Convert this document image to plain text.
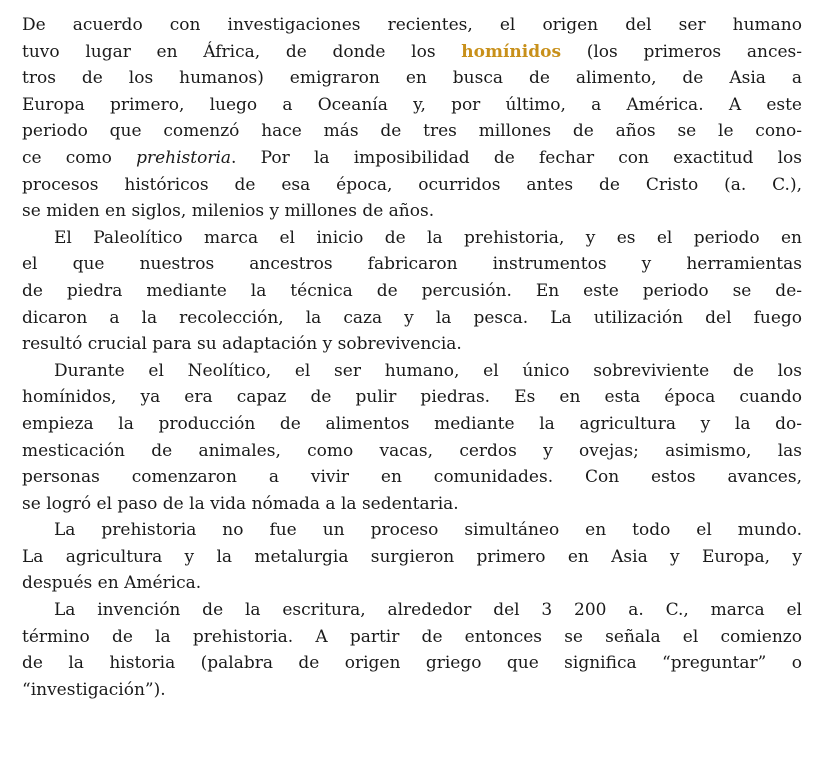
De acuerdo con investigaciones recientes, el origen del ser humano
tuvo lugar en África, de donde los homínidos (los primeros ances-
tros de los humanos) emigraron en busca de alimento, de Asia a
Europa primero, luego a Oceanía y, por último, a América. A este
periodo que comenzó hace más de tres millones de años se le cono-
ce como prehistoria. Por la imposibilidad de fechar con exactitud los
procesos históricos de esa época, ocurridos antes de Cristo (a. C.),
se miden en siglos, milenios y millones de años.
El Paleolítico marca el inicio de la prehistoria, y es el periodo en
el que nuestros ancestros fabricaron instrumentos y herramientas
de piedra mediante la técnica de percusión. En este periodo se de-
dicaron a la recolección, la caza y la pesca. La utilización del fuego
resultó crucial para su adaptación y sobrevivencia.
Durante el Neolítico, el ser humano, el único sobreviviente de los
homínidos, ya era capaz de pulir piedras. Es en esta época cuando
empieza la producción de alimentos mediante la agricultura y la do-
mesticación de animales, como vacas, cerdos y ovejas; asimismo, las
personas comenzaron a vivir en comunidades. Con estos avances,
se logró el paso de la vida nómada a la sedentaria.
La prehistoria no fue un proceso simultáneo en todo el mundo.
La agricultura y la metalurgia surgieron primero en Asia y Europa, y
después en América.
La invención de la escritura, alrededor del 3 200 a. C., marca el
término de la prehistoria. A partir de entonces se señala el comienzo
de la historia (palabra de origen griego que significa “preguntar” o
“investigación”).
